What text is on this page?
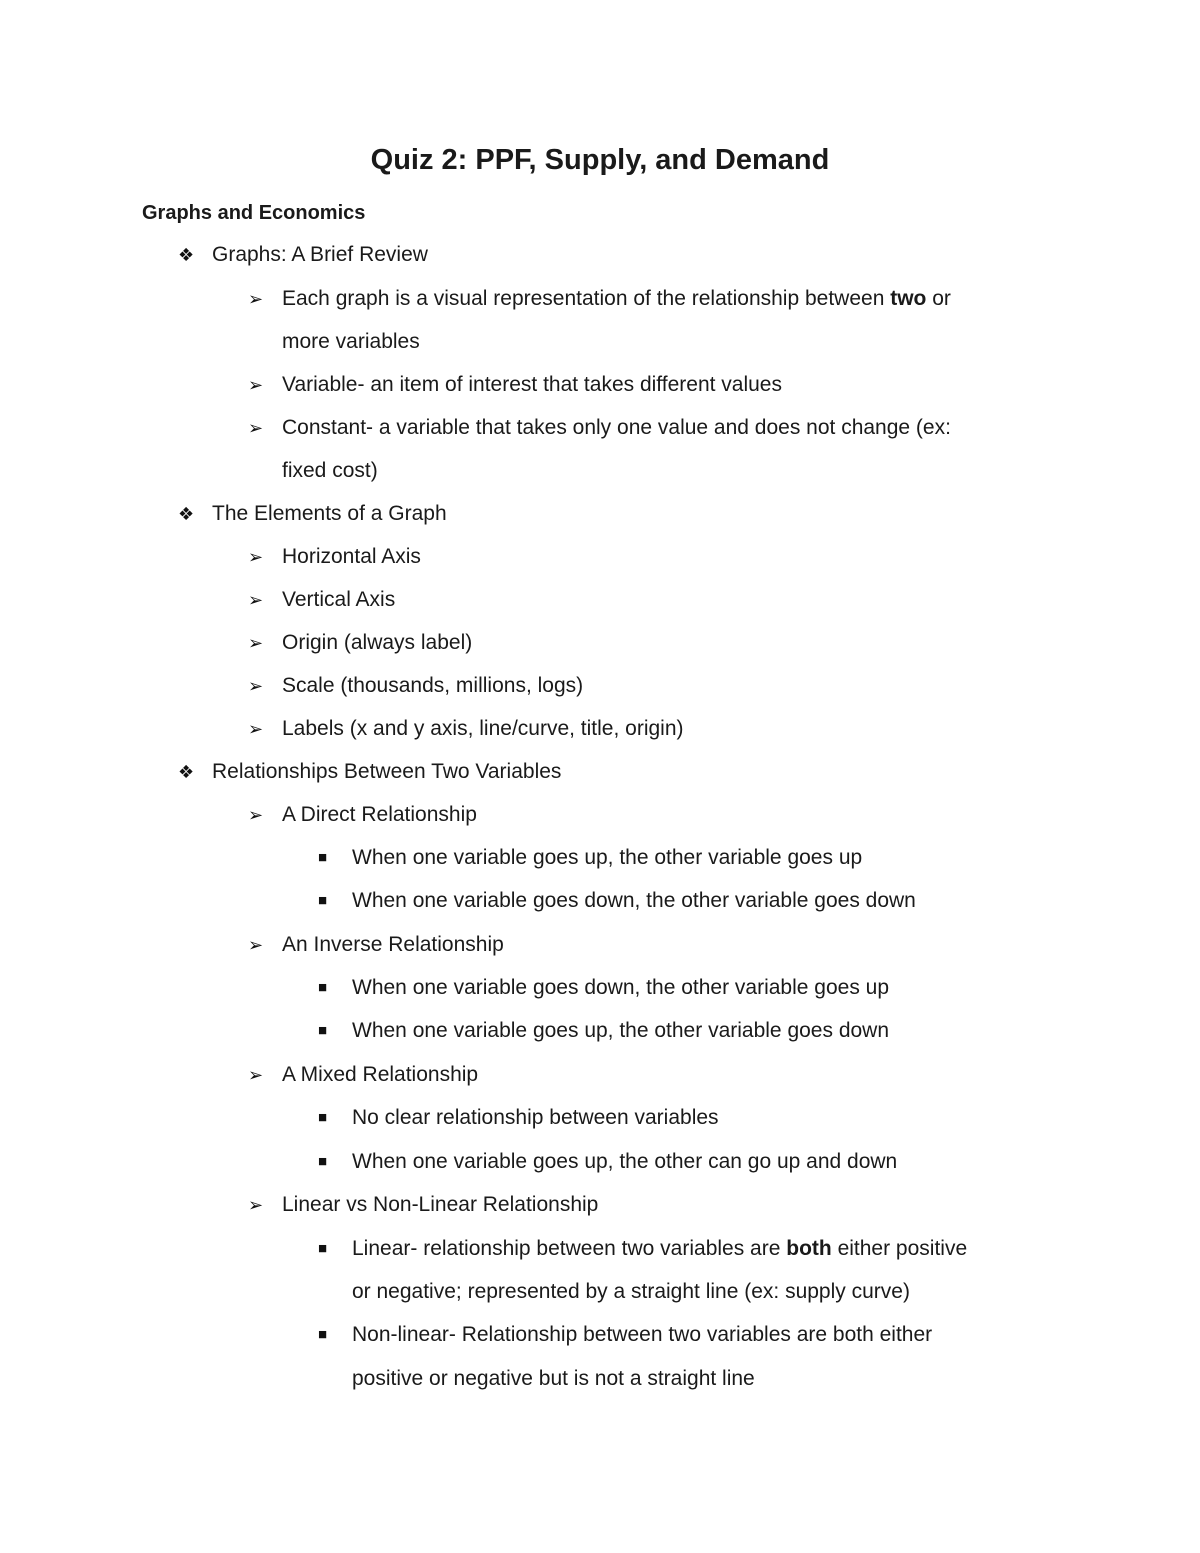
Quiz 2: PPF, Supply, and Demand
Graphs and Economics
❖ Graphs: A Brief Review
➢ Each graph is a visual representation of the relationship between two or
more variables
➢ Variable- an item of interest that takes different values
➢ Constant- a variable that takes only one value and does not change (ex:
fixed cost)
❖ The Elements of a Graph
➢ Horizontal Axis
➢ Vertical Axis
➢ Origin (always label)
➢ Scale (thousands, millions, logs)
➢ Labels (x and y axis, line/curve, title, origin)
❖ Relationships Between Two Variables
➢ A Direct Relationship
■ When one variable goes up, the other variable goes up
■ When one variable goes down, the other variable goes down
➢ An Inverse Relationship
■ When one variable goes down, the other variable goes up
■ When one variable goes up, the other variable goes down
➢ A Mixed Relationship
■ No clear relationship between variables
■ When one variable goes up, the other can go up and down
➢ Linear vs Non-Linear Relationship
■ Linear- relationship between two variables are both either positive
or negative; represented by a straight line (ex: supply curve)
■ Non-linear- Relationship between two variables are both either
positive or negative but is not a straight line
